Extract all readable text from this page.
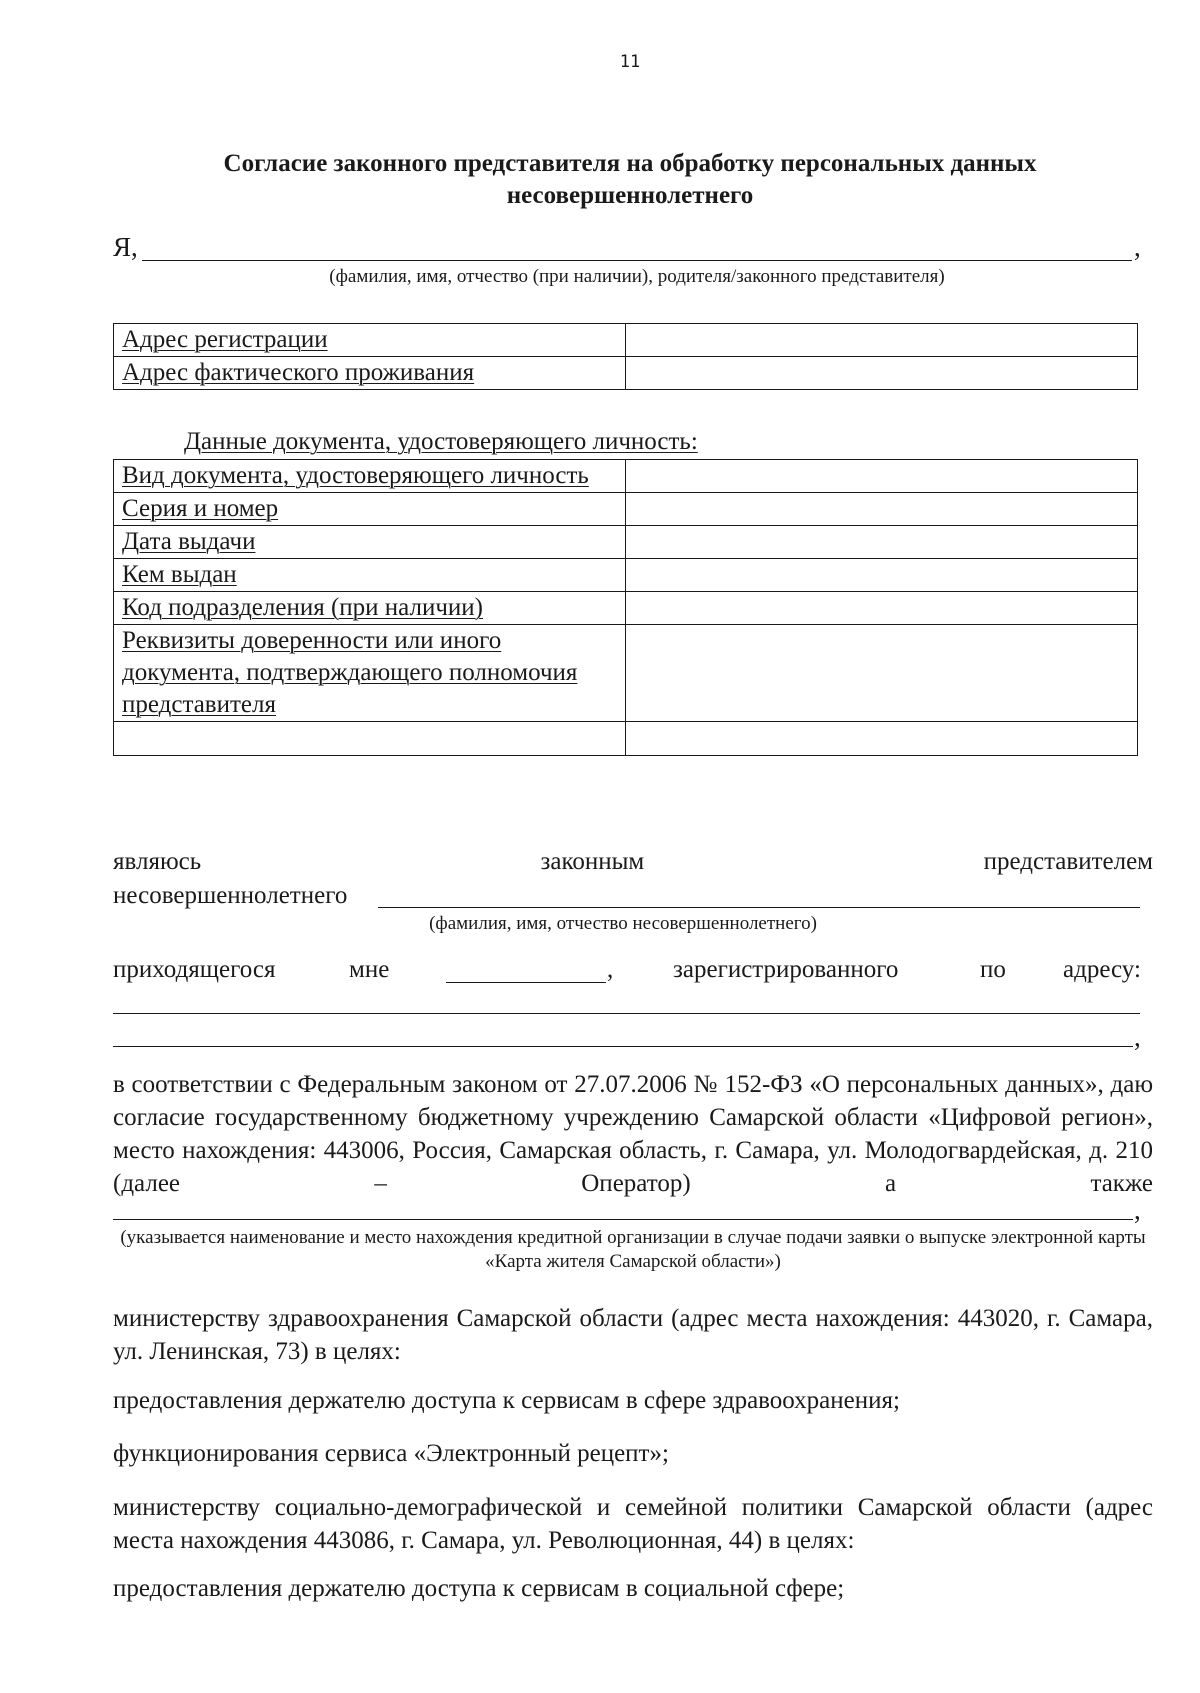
11
Согласие законного представителя на обработку персональных данных
несовершеннолетнего
Я,	,
(фамилия, имя, отчество (при наличии), родителя/законного представителя)
Адрес регистрации	
Адрес фактического проживания	
Данные документа, удостоверяющего личность:
Вид документа, удостоверяющего личность	
Серия и номер	
Дата выдачи	
Кем выдан	
Код подразделения (при наличии)	
Реквизиты доверенности или иного документа, подтверждающего полномочия представителя	

являюсь	законным	представителем
несовершеннолетнего
(фамилия, имя, отчество несовершеннолетнего)
приходящегося	мне	, зарегистрированного	по адресу:
,
в соответствии с Федеральным законом от 27.07.2006 № 152-ФЗ «О персональных данных», даю согласие государственному бюджетному учреждению Самарской области «Цифровой регион», место нахождения: 443006, Россия, Самарская область, г. Самара, ул. Молодогвардейская, д. 210 (далее – Оператор) а также
,
(указывается наименование и место нахождения кредитной организации в случае подачи заявки о выпуске электронной карты «Карта жителя Самарской области»)
министерству здравоохранения Самарской области (адрес места нахождения: 443020, г. Самара, ул. Ленинская, 73) в целях:
предоставления держателю доступа к сервисам в сфере здравоохранения;
функционирования сервиса «Электронный рецепт»;
министерству социально-демографической и семейной политики Самарской области (адрес места нахождения 443086, г. Самара, ул. Революционная, 44) в целях:
предоставления держателю доступа к сервисам в социальной сфере;
